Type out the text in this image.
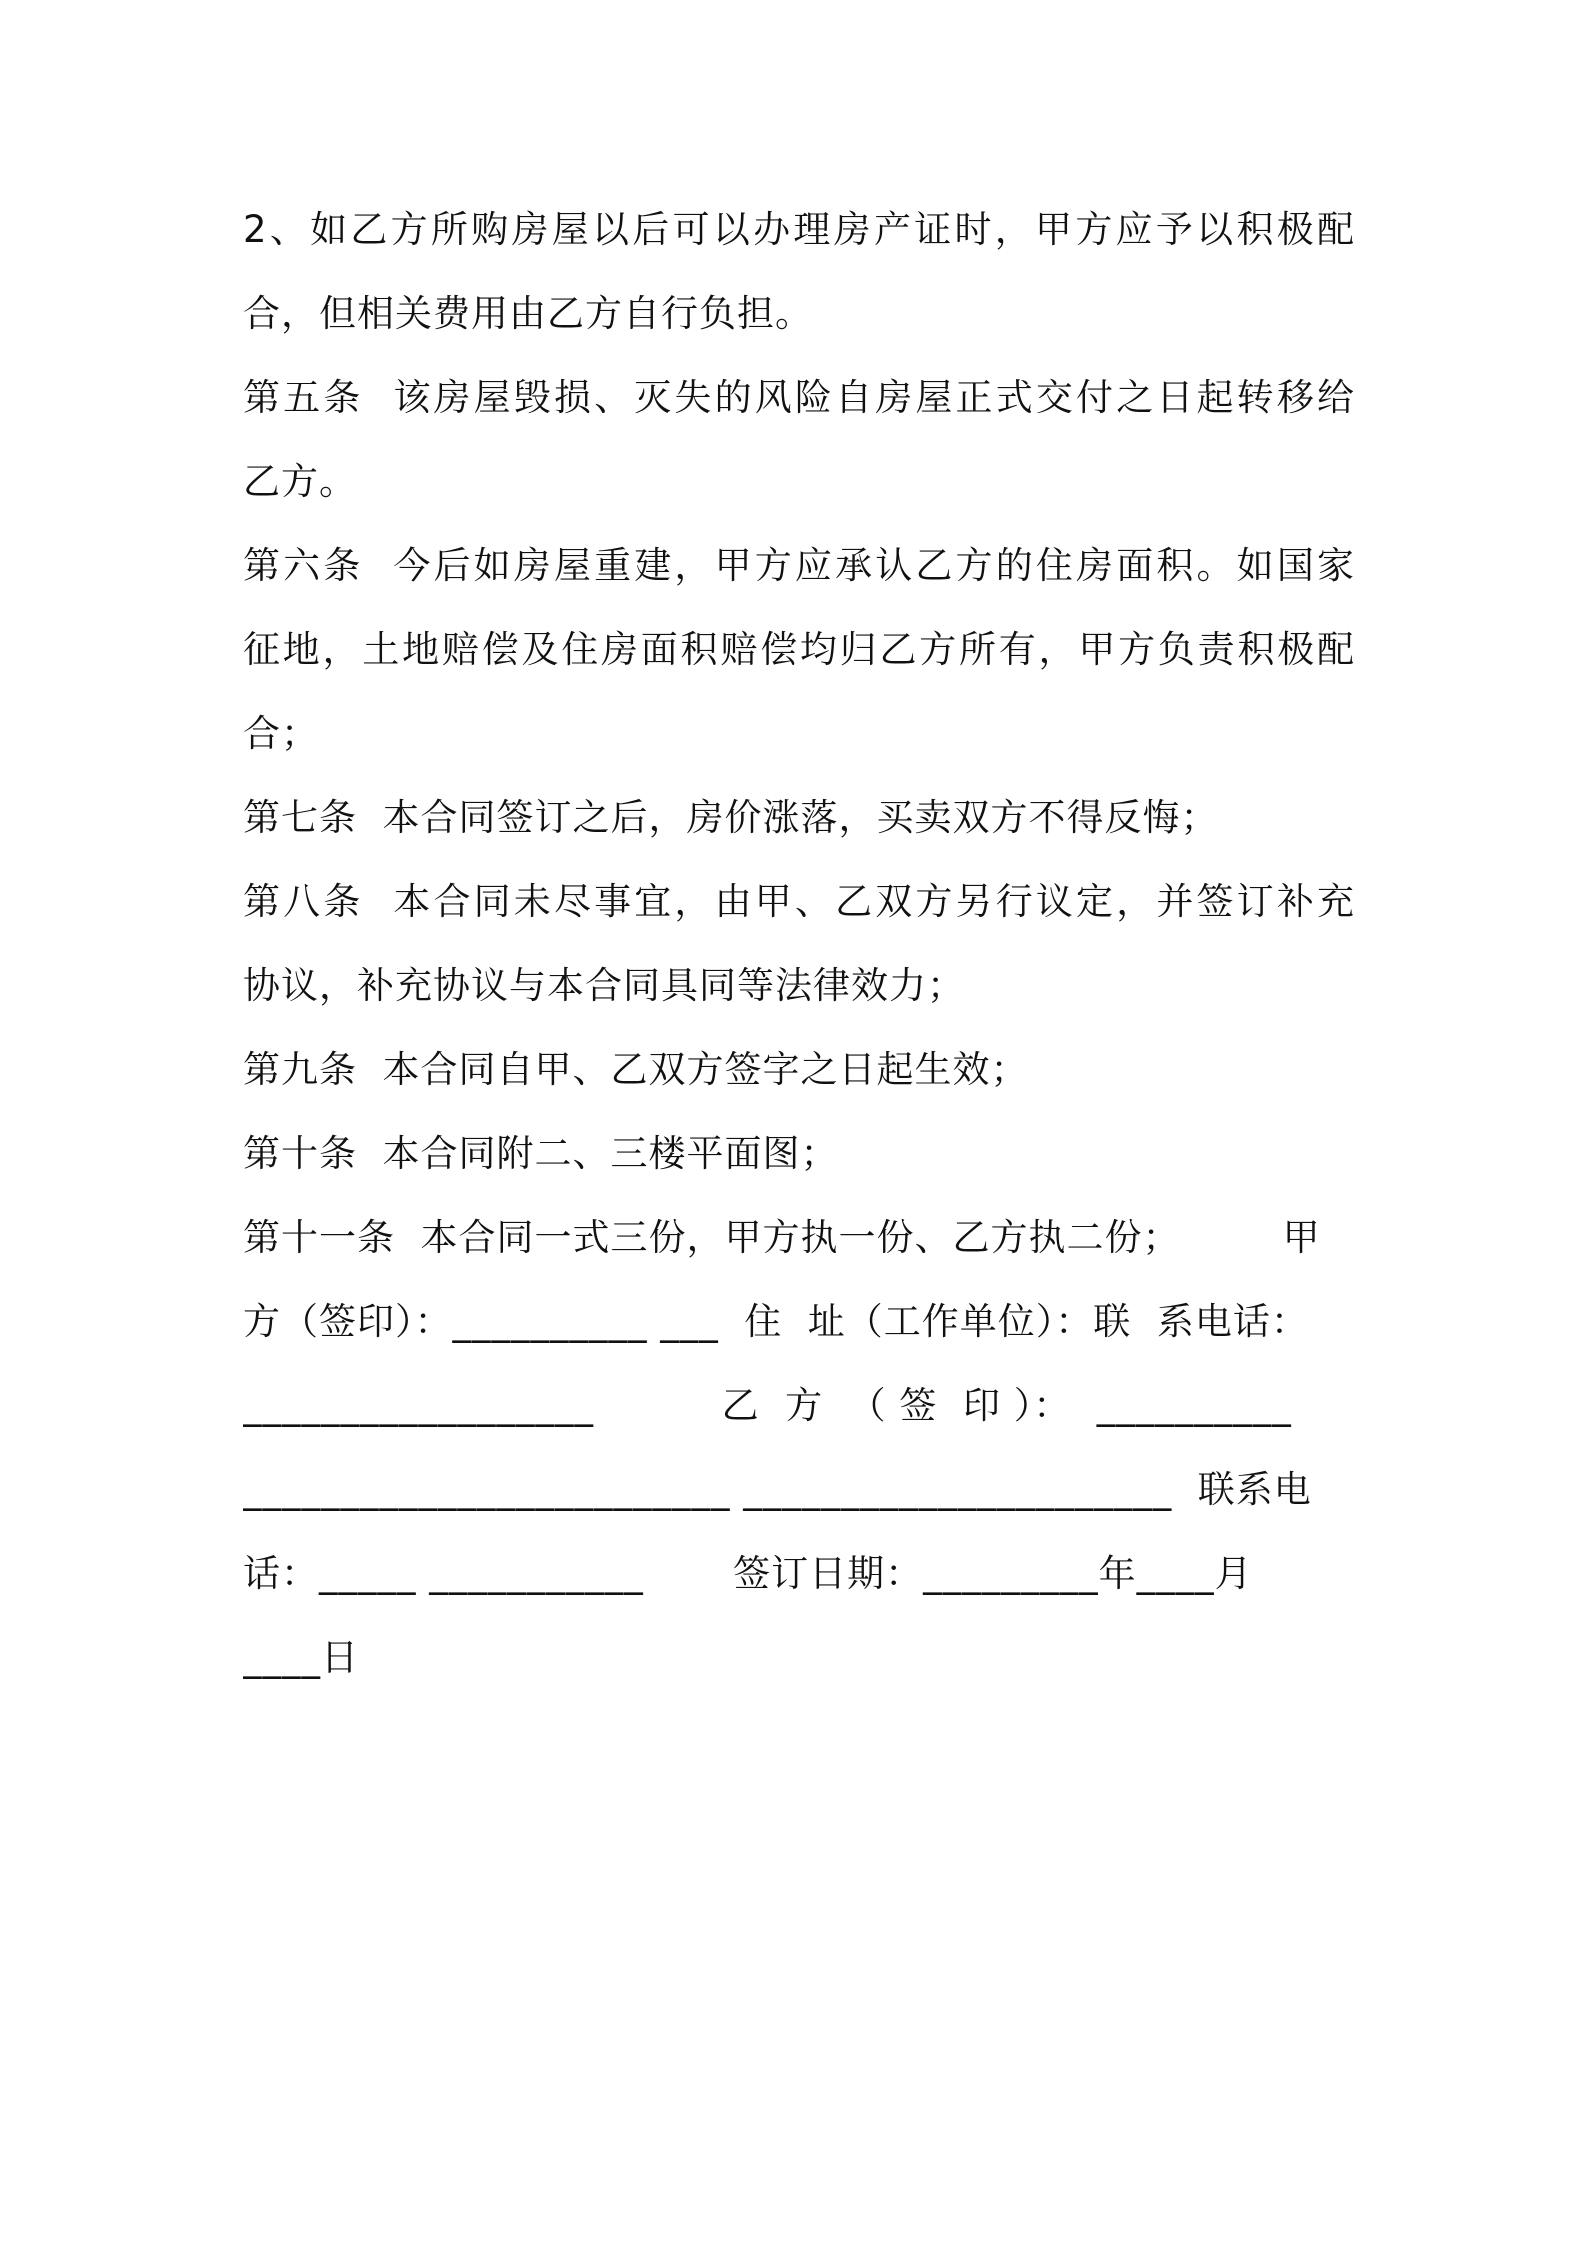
2、如乙方所购房屋以后可以办理房产证时，甲方应予以积极配
合，但相关费用由乙方自行负担。
第五条  该房屋毁损、灭失的风险自房屋正式交付之日起转移给
乙方。
第六条  今后如房屋重建，甲方应承认乙方的住房面积。如国家
征地，土地赔偿及住房面积赔偿均归乙方所有，甲方负责积极配
合；
第七条  本合同签订之后，房价涨落，买卖双方不得反悔；
第八条  本合同未尽事宜，由甲、乙双方另行议定，并签订补充
协议，补充协议与本合同具同等法律效力；
第九条  本合同自甲、乙双方签字之日起生效；
第十条  本合同附二、三楼平面图；
第十一条  本合同一式三份，甲方执一份、乙方执二份；        甲
方（签印）：__________ ___  住  址（工作单位）：联  系电话：
__________________          乙  方  （ 签  印 ）：  __________
_________________________ ______________________  联系电
话：_____ ___________       签订日期：_________年____月
____日
